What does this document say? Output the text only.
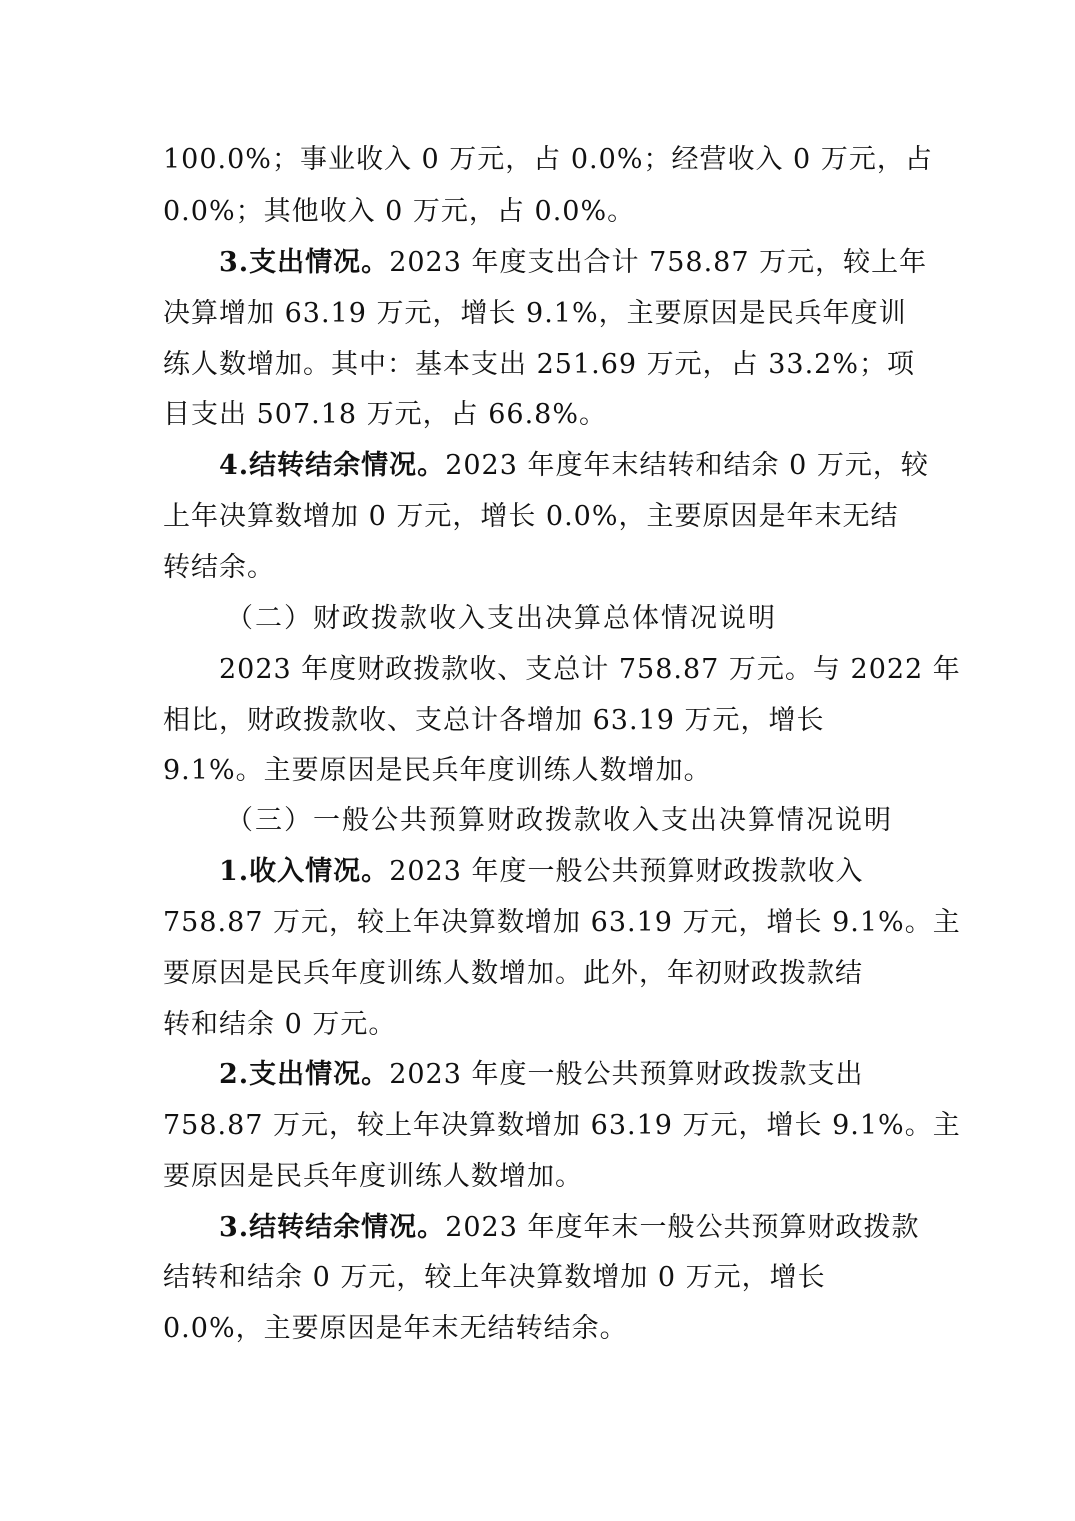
100.0%；事业收入 0 万元，占 0.0%；经营收入 0 万元，占
0.0%；其他收入 0 万元，占 0.0%。
3.支出情况。2023 年度支出合计 758.87 万元，较上年
决算增加 63.19 万元，增长 9.1%，主要原因是民兵年度训
练人数增加。其中：基本支出 251.69 万元，占 33.2%；项
目支出 507.18 万元，占 66.8%。
4.结转结余情况。2023 年度年末结转和结余 0 万元，较
上年决算数增加 0 万元，增长 0.0%，主要原因是年末无结
转结余。
（二）财政拨款收入支出决算总体情况说明
2023 年度财政拨款收、支总计 758.87 万元。与 2022 年
相比，财政拨款收、支总计各增加 63.19 万元，增长
9.1%。主要原因是民兵年度训练人数增加。
（三）一般公共预算财政拨款收入支出决算情况说明
1.收入情况。2023 年度一般公共预算财政拨款收入
758.87 万元，较上年决算数增加 63.19 万元，增长 9.1%。主
要原因是民兵年度训练人数增加。此外，年初财政拨款结
转和结余 0 万元。
2.支出情况。2023 年度一般公共预算财政拨款支出
758.87 万元，较上年决算数增加 63.19 万元，增长 9.1%。主
要原因是民兵年度训练人数增加。
3.结转结余情况。2023 年度年末一般公共预算财政拨款
结转和结余 0 万元，较上年决算数增加 0 万元，增长
0.0%，主要原因是年末无结转结余。
